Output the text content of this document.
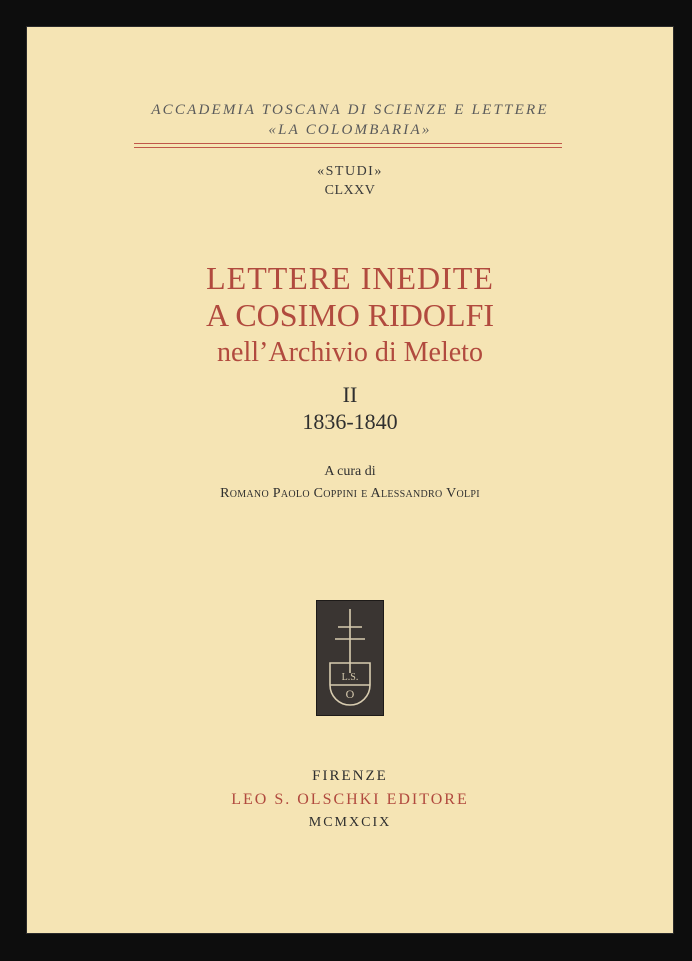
ACCADEMIA TOSCANA DI SCIENZE E LETTERE
«LA COLOMBARIA»
«STUDI»
CLXXV
LETTERE INEDITE
A COSIMO RIDOLFI
nell’Archivio di Meleto
II
1836-1840
A cura di
Romano Paolo Coppini e Alessandro Volpi
L.S.
O
FIRENZE
LEO S. OLSCHKI EDITORE
MCMXCIX
